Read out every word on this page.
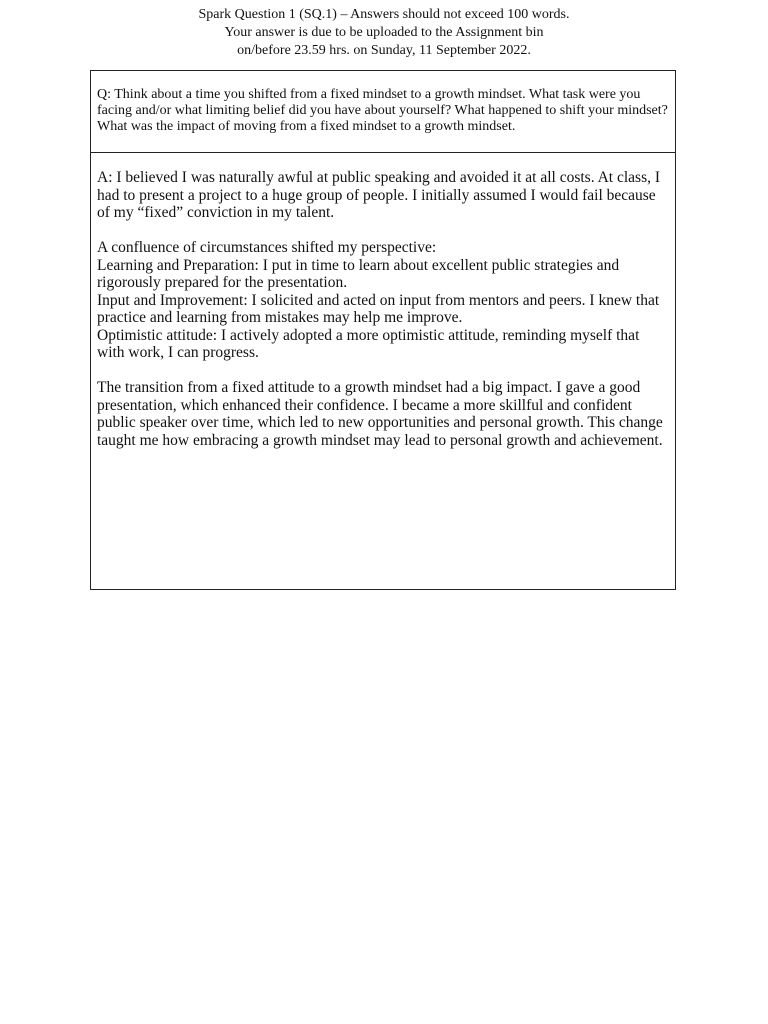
Spark Question 1 (SQ.1) – Answers should not exceed 100 words.
Your answer is due to be uploaded to the Assignment bin
on/before 23.59 hrs. on Sunday, 11 September 2022.
Q: Think about a time you shifted from a fixed mindset to a growth mindset. What task were you facing and/or what limiting belief did you have about yourself? What happened to shift your mindset? What was the impact of moving from a fixed mindset to a growth mindset.

A: I believed I was naturally awful at public speaking and avoided it at all costs. At class, I had to present a project to a huge group of people. I initially assumed I would fail because of my “fixed” conviction in my talent.

A confluence of circumstances shifted my perspective:

Learning and Preparation: I put in time to learn about excellent public strategies and rigorously prepared for the presentation.

Input and Improvement: I solicited and acted on input from mentors and peers. I knew that practice and learning from mistakes may help me improve.

Optimistic attitude: I actively adopted a more optimistic attitude, reminding myself that with work, I can progress.

The transition from a fixed attitude to a growth mindset had a big impact. I gave a good presentation, which enhanced their confidence. I became a more skillful and confident public speaker over time, which led to new opportunities and personal growth. This change taught me how embracing a growth mindset may lead to personal growth and achievement.
